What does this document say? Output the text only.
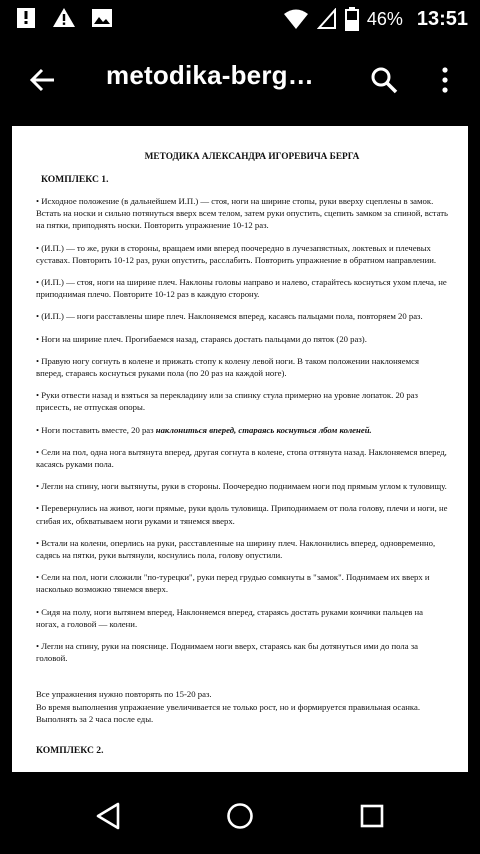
46% 13:51
metodika-berg…
МЕТОДИКА АЛЕКСАНДРА ИГОРЕВИЧА БЕРГА
КОМПЛЕКС 1.
• Исходное положение (в дальнейшем И.П.) — стоя, ноги на ширине стопы, руки вверху сцеплены в замок. Встать на носки и сильно потянуться вверх всем телом, затем руки опустить, сцепить замком за спиной, встать на пятки, приподнять носки. Повторить упражнение 10-12 раз.
• (И.П.) — то же, руки в стороны, вращаем ими вперед поочередно в лучезапястных, локтевых и плечевых суставах. Повторить 10-12 раз, руки опустить, расслабить. Повторить упражнение в обратном направлении.
• (И.П.) — стоя, ноги на ширине плеч. Наклоны головы направо и налево, старайтесь коснуться ухом плеча, не приподнимая плечо. Повторите 10-12 раз в каждую сторону.
• (И.П.) — ноги расставлены шире плеч. Наклоняемся вперед, касаясь пальцами пола, повторяем 20 раз.
• Ноги на ширине плеч. Прогибаемся назад, стараясь достать пальцами до пяток (20 раз).
• Правую ногу согнуть в колене и прижать стопу к колену левой ноги. В таком положении наклоняемся вперед, стараясь коснуться руками пола (по 20 раз на каждой ноге).
• Руки отвести назад и взяться за перекладину или за спинку стула примерно на уровне лопаток. 20 раз присесть, не отпуская опоры.
• Ноги поставить вместе, 20 раз наклониться вперед, стараясь коснуться лбом коленей.
• Сели на пол, одна нога вытянута вперед, другая согнута в колене, стопа оттянута назад. Наклоняемся вперед, касаясь руками пола.
• Легли на спину, ноги вытянуты, руки в стороны. Поочередно поднимаем ноги под прямым углом к туловищу.
• Перевернулись на живот, ноги прямые, руки вдоль туловища. Приподнимаем от пола голову, плечи и ноги, не сгибая их, обхватываем ноги руками и тянемся вверх.
• Встали на колени, оперлись на руки, расставленные на ширину плеч. Наклонились вперед, одновременно, садясь на пятки, руки вытянули, коснулись пола, голову опустили.
• Сели на пол, ноги сложили "по-турецки", руки перед грудью сомкнуты в "замок". Поднимаем их вверх и насколько возможно тянемся вверх.
• Сидя на полу, ноги вытянем вперед, Наклоняемся вперед, стараясь достать руками кончики пальцев на ногах, а головой — колени.
• Легли на спину, руки на пояснице. Поднимаем ноги вверх, стараясь как бы дотянуться ими до пола за головой.
Все упражнения нужно повторять по 15-20 раз.
Во время выполнения упражнение увеличивается не только рост, но и формируется правильная осанка. Выполнять за 2 часа после еды.
КОМПЛЕКС 2.
